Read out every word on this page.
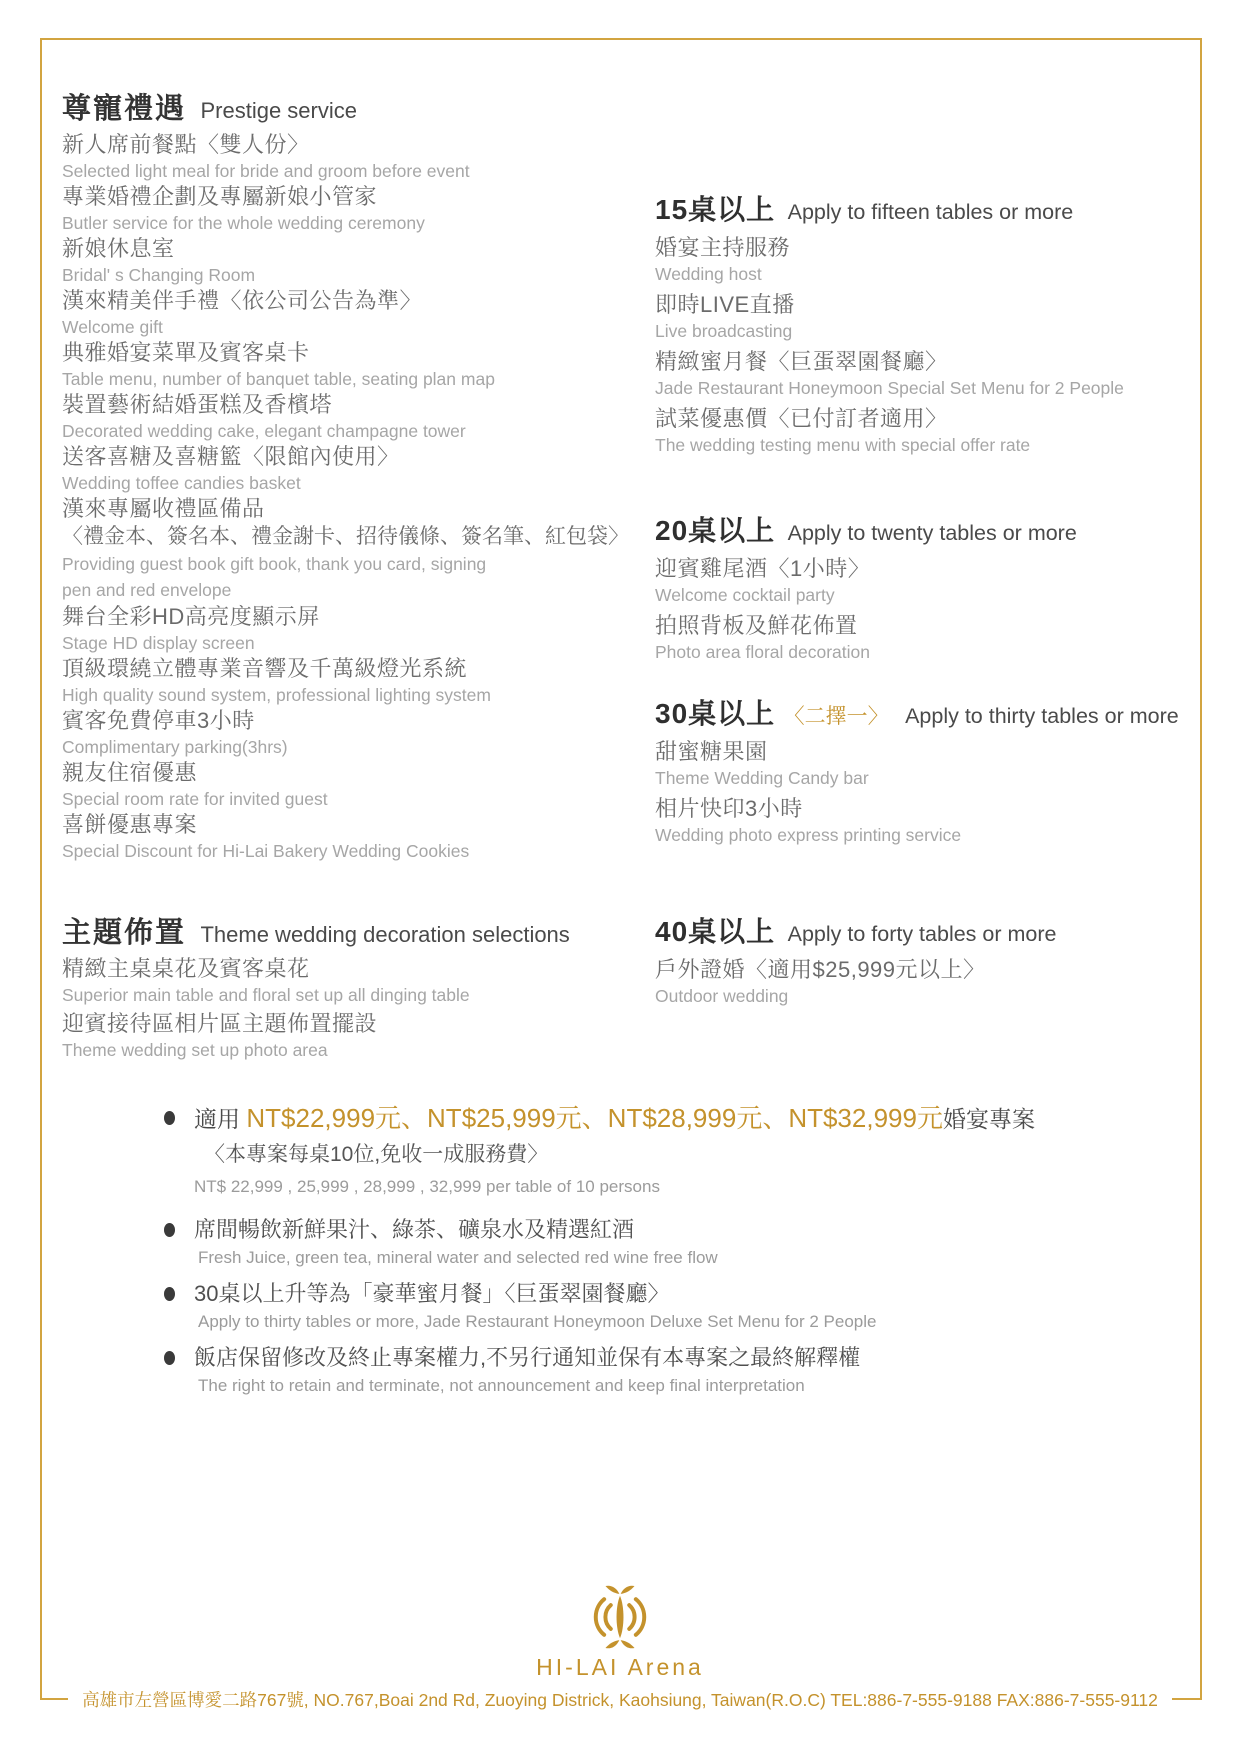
尊寵禮遇 Prestige service
新人席前餐點〈雙人份〉
Selected light meal for bride and groom before event
專業婚禮企劃及專屬新娘小管家
Butler service for the whole wedding ceremony
新娘休息室
Bridal' s Changing Room
漢來精美伴手禮〈依公司公告為準〉
Welcome gift
典雅婚宴菜單及賓客桌卡
Table menu, number of banquet table, seating plan map
裝置藝術結婚蛋糕及香檳塔
Decorated wedding cake, elegant champagne tower
送客喜糖及喜糖籃〈限館內使用〉
Wedding toffee candies basket
漢來專屬收禮區備品
〈禮金本、簽名本、禮金謝卡、招待儀條、簽名筆、紅包袋〉
Providing guest book gift book, thank you card, signing
pen and red envelope
舞台全彩HD高亮度顯示屏
Stage HD display screen
頂級環繞立體專業音響及千萬級燈光系統
High quality sound system, professional lighting system
賓客免費停車3小時
Complimentary parking(3hrs)
親友住宿優惠
Special room rate for invited guest
喜餅優惠專案
Special Discount for Hi-Lai Bakery Wedding Cookies
主題佈置 Theme wedding decoration selections
精緻主桌桌花及賓客桌花
Superior main table and floral set up all dinging table
迎賓接待區相片區主題佈置擺設
Theme wedding set up photo area
15桌以上 Apply to fifteen tables or more
婚宴主持服務
Wedding host
即時LIVE直播
Live broadcasting
精緻蜜月餐〈巨蛋翠園餐廳〉
Jade Restaurant Honeymoon Special Set Menu for 2 People
試菜優惠價〈已付訂者適用〉
The wedding testing menu with special offer rate
20桌以上 Apply to twenty tables or more
迎賓雞尾酒〈1小時〉
Welcome cocktail party
拍照背板及鮮花佈置
Photo area floral decoration
30桌以上 〈二擇一〉 Apply to thirty tables or more
甜蜜糖果園
Theme Wedding Candy bar
相片快印3小時
Wedding photo express printing service
40桌以上 Apply to forty tables or more
戶外證婚〈適用$25,999元以上〉
Outdoor wedding
適用 NT$22,999元、NT$25,999元、NT$28,999元、NT$32,999元婚宴專案
〈本專案每桌10位,免收一成服務費〉
NT$ 22,999 , 25,999 , 28,999 , 32,999 per table of 10 persons
席間暢飲新鮮果汁、綠茶、礦泉水及精選紅酒
Fresh Juice, green tea, mineral water and selected red wine free flow
30桌以上升等為「豪華蜜月餐」〈巨蛋翠園餐廳〉
Apply to thirty tables or more, Jade Restaurant Honeymoon Deluxe Set Menu for 2 People
飯店保留修改及終止專案權力,不另行通知並保有本專案之最終解釋權
The right to retain and terminate, not announcement and keep final interpretation
HI-LAI Arena
高雄市左營區博愛二路767號, NO.767,Boai 2nd Rd, Zuoying Districk, Kaohsiung, Taiwan(R.O.C) TEL:886-7-555-9188 FAX:886-7-555-9112
